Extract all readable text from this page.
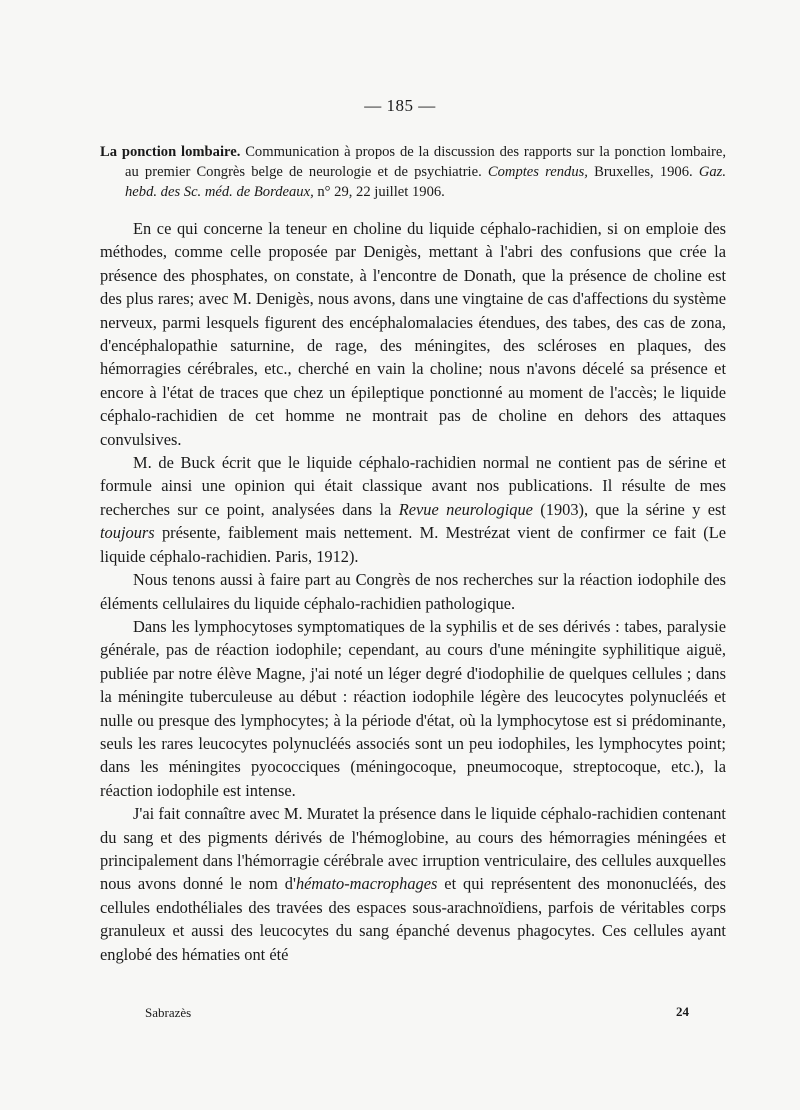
— 185 —
La ponction lombaire. Communication à propos de la discussion des rapports sur la ponction lombaire, au premier Congrès belge de neurologie et de psychiatrie. Comptes rendus, Bruxelles, 1906. Gaz. hebd. des Sc. méd. de Bordeaux, n° 29, 22 juillet 1906.

En ce qui concerne la teneur en choline du liquide céphalo-rachidien, si on emploie des méthodes, comme celle proposée par Denigès, mettant à l'abri des confusions que crée la présence des phosphates, on constate, à l'encontre de Donath, que la présence de choline est des plus rares; avec M. Denigès, nous avons, dans une vingtaine de cas d'affections du système nerveux, parmi lesquels figurent des encéphalomalacies étendues, des tabes, des cas de zona, d'encéphalopathie saturnine, de rage, des méningites, des scléroses en plaques, des hémorragies cérébrales, etc., cherché en vain la choline; nous n'avons décelé sa présence et encore à l'état de traces que chez un épileptique ponctionné au moment de l'accès; le liquide céphalo-rachidien de cet homme ne montrait pas de choline en dehors des attaques convulsives.

M. de Buck écrit que le liquide céphalo-rachidien normal ne contient pas de sérine et formule ainsi une opinion qui était classique avant nos publications. Il résulte de mes recherches sur ce point, analysées dans la Revue neurologique (1903), que la sérine y est toujours présente, faiblement mais nettement. M. Mestrézat vient de confirmer ce fait (Le liquide céphalo-rachidien. Paris, 1912).

Nous tenons aussi à faire part au Congrès de nos recherches sur la réaction iodophile des éléments cellulaires du liquide céphalo-rachidien pathologique.

Dans les lymphocytoses symptomatiques de la syphilis et de ses dérivés : tabes, paralysie générale, pas de réaction iodophile; cependant, au cours d'une méningite syphilitique aiguë, publiée par notre élève Magne, j'ai noté un léger degré d'iodophilie de quelques cellules ; dans la méningite tuberculeuse au début : réaction iodophile légère des leucocytes polynucléés et nulle ou presque des lymphocytes; à la période d'état, où la lymphocytose est si prédominante, seuls les rares leucocytes polynucléés associés sont un peu iodophiles, les lymphocytes point; dans les méningites pyococciques (méningocoque, pneumocoque, streptocoque, etc.), la réaction iodophile est intense.

J'ai fait connaître avec M. Muratet la présence dans le liquide céphalo-rachidien contenant du sang et des pigments dérivés de l'hémoglobine, au cours des hémorragies méningées et principalement dans l'hémorragie cérébrale avec irruption ventriculaire, des cellules auxquelles nous avons donné le nom d'hémato-macrophages et qui représentent des mononucléés, des cellules endothéliales des travées des espaces sous-arachnoïdiens, parfois de véritables corps granuleux et aussi des leucocytes du sang épanché devenus phagocytes. Ces cellules ayant englobé des hématies ont été

Sabrazès	24
